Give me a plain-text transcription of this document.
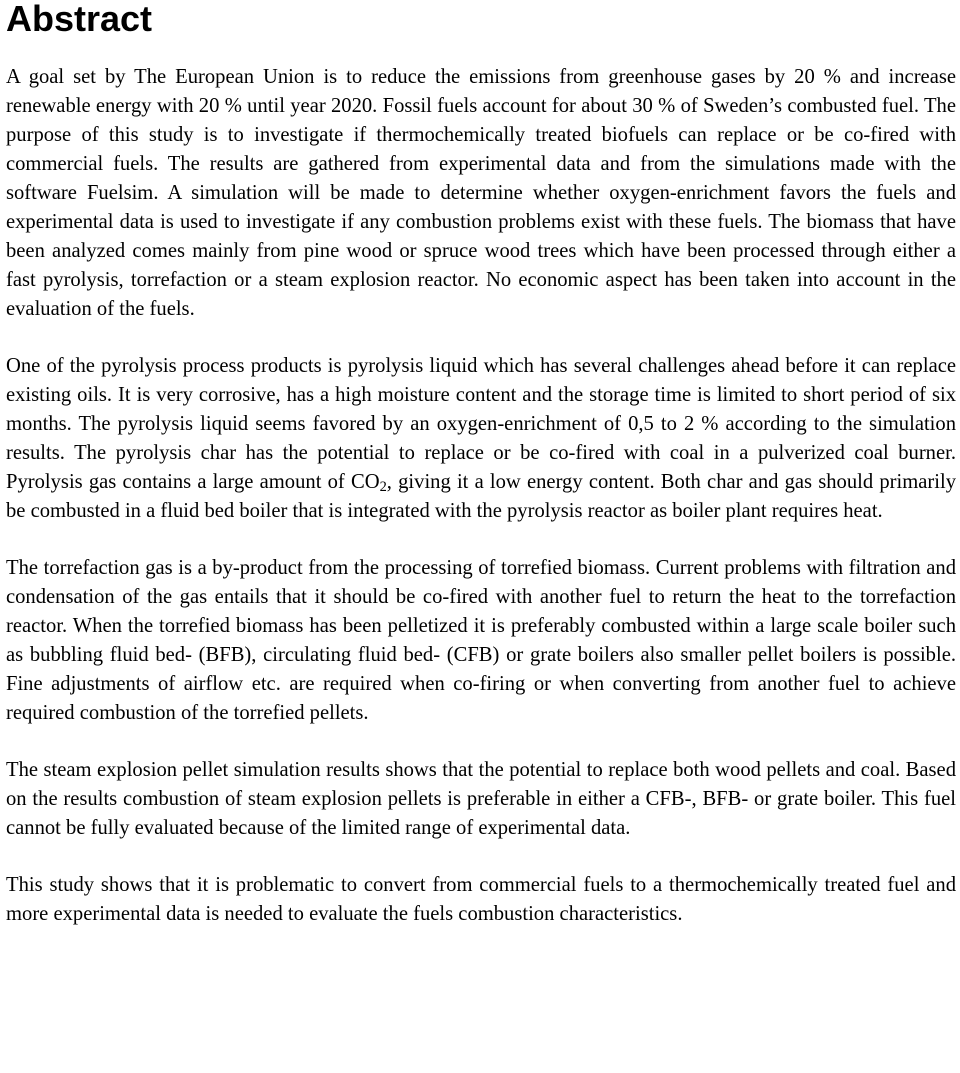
Abstract

A goal set by The European Union is to reduce the emissions from greenhouse gases by 20 % and increase renewable energy with 20 % until year 2020. Fossil fuels account for about 30 % of Sweden’s combusted fuel. The purpose of this study is to investigate if thermochemically treated biofuels can replace or be co-fired with commercial fuels. The results are gathered from experimental data and from the simulations made with the software Fuelsim. A simulation will be made to determine whether oxygen-enrichment favors the fuels and experimental data is used to investigate if any combustion problems exist with these fuels. The biomass that have been analyzed comes mainly from pine wood or spruce wood trees which have been processed through either a fast pyrolysis, torrefaction or a steam explosion reactor. No economic aspect has been taken into account in the evaluation of the fuels.

One of the pyrolysis process products is pyrolysis liquid which has several challenges ahead before it can replace existing oils. It is very corrosive, has a high moisture content and the storage time is limited to short period of six months. The pyrolysis liquid seems favored by an oxygen-enrichment of 0,5 to 2 % according to the simulation results. The pyrolysis char has the potential to replace or be co-fired with coal in a pulverized coal burner. Pyrolysis gas contains a large amount of $CO_2$, giving it a low energy content. Both char and gas should primarily be combusted in a fluid bed boiler that is integrated with the pyrolysis reactor as boiler plant requires heat.

The torrefaction gas is a by-product from the processing of torrefied biomass. Current problems with filtration and condensation of the gas entails that it should be co-fired with another fuel to return the heat to the torrefaction reactor. When the torrefied biomass has been pelletized it is preferably combusted within a large scale boiler such as bubbling fluid bed- (BFB), circulating fluid bed- (CFB) or grate boilers also smaller pellet boilers is possible. Fine adjustments of airflow etc. are required when co-firing or when converting from another fuel to achieve required combustion of the torrefied pellets.

The steam explosion pellet simulation results shows that the potential to replace both wood pellets and coal. Based on the results combustion of steam explosion pellets is preferable in either a CFB-, BFB- or grate boiler. This fuel cannot be fully evaluated because of the limited range of experimental data.

This study shows that it is problematic to convert from commercial fuels to a thermochemically treated fuel and more experimental data is needed to evaluate the fuels combustion characteristics.
